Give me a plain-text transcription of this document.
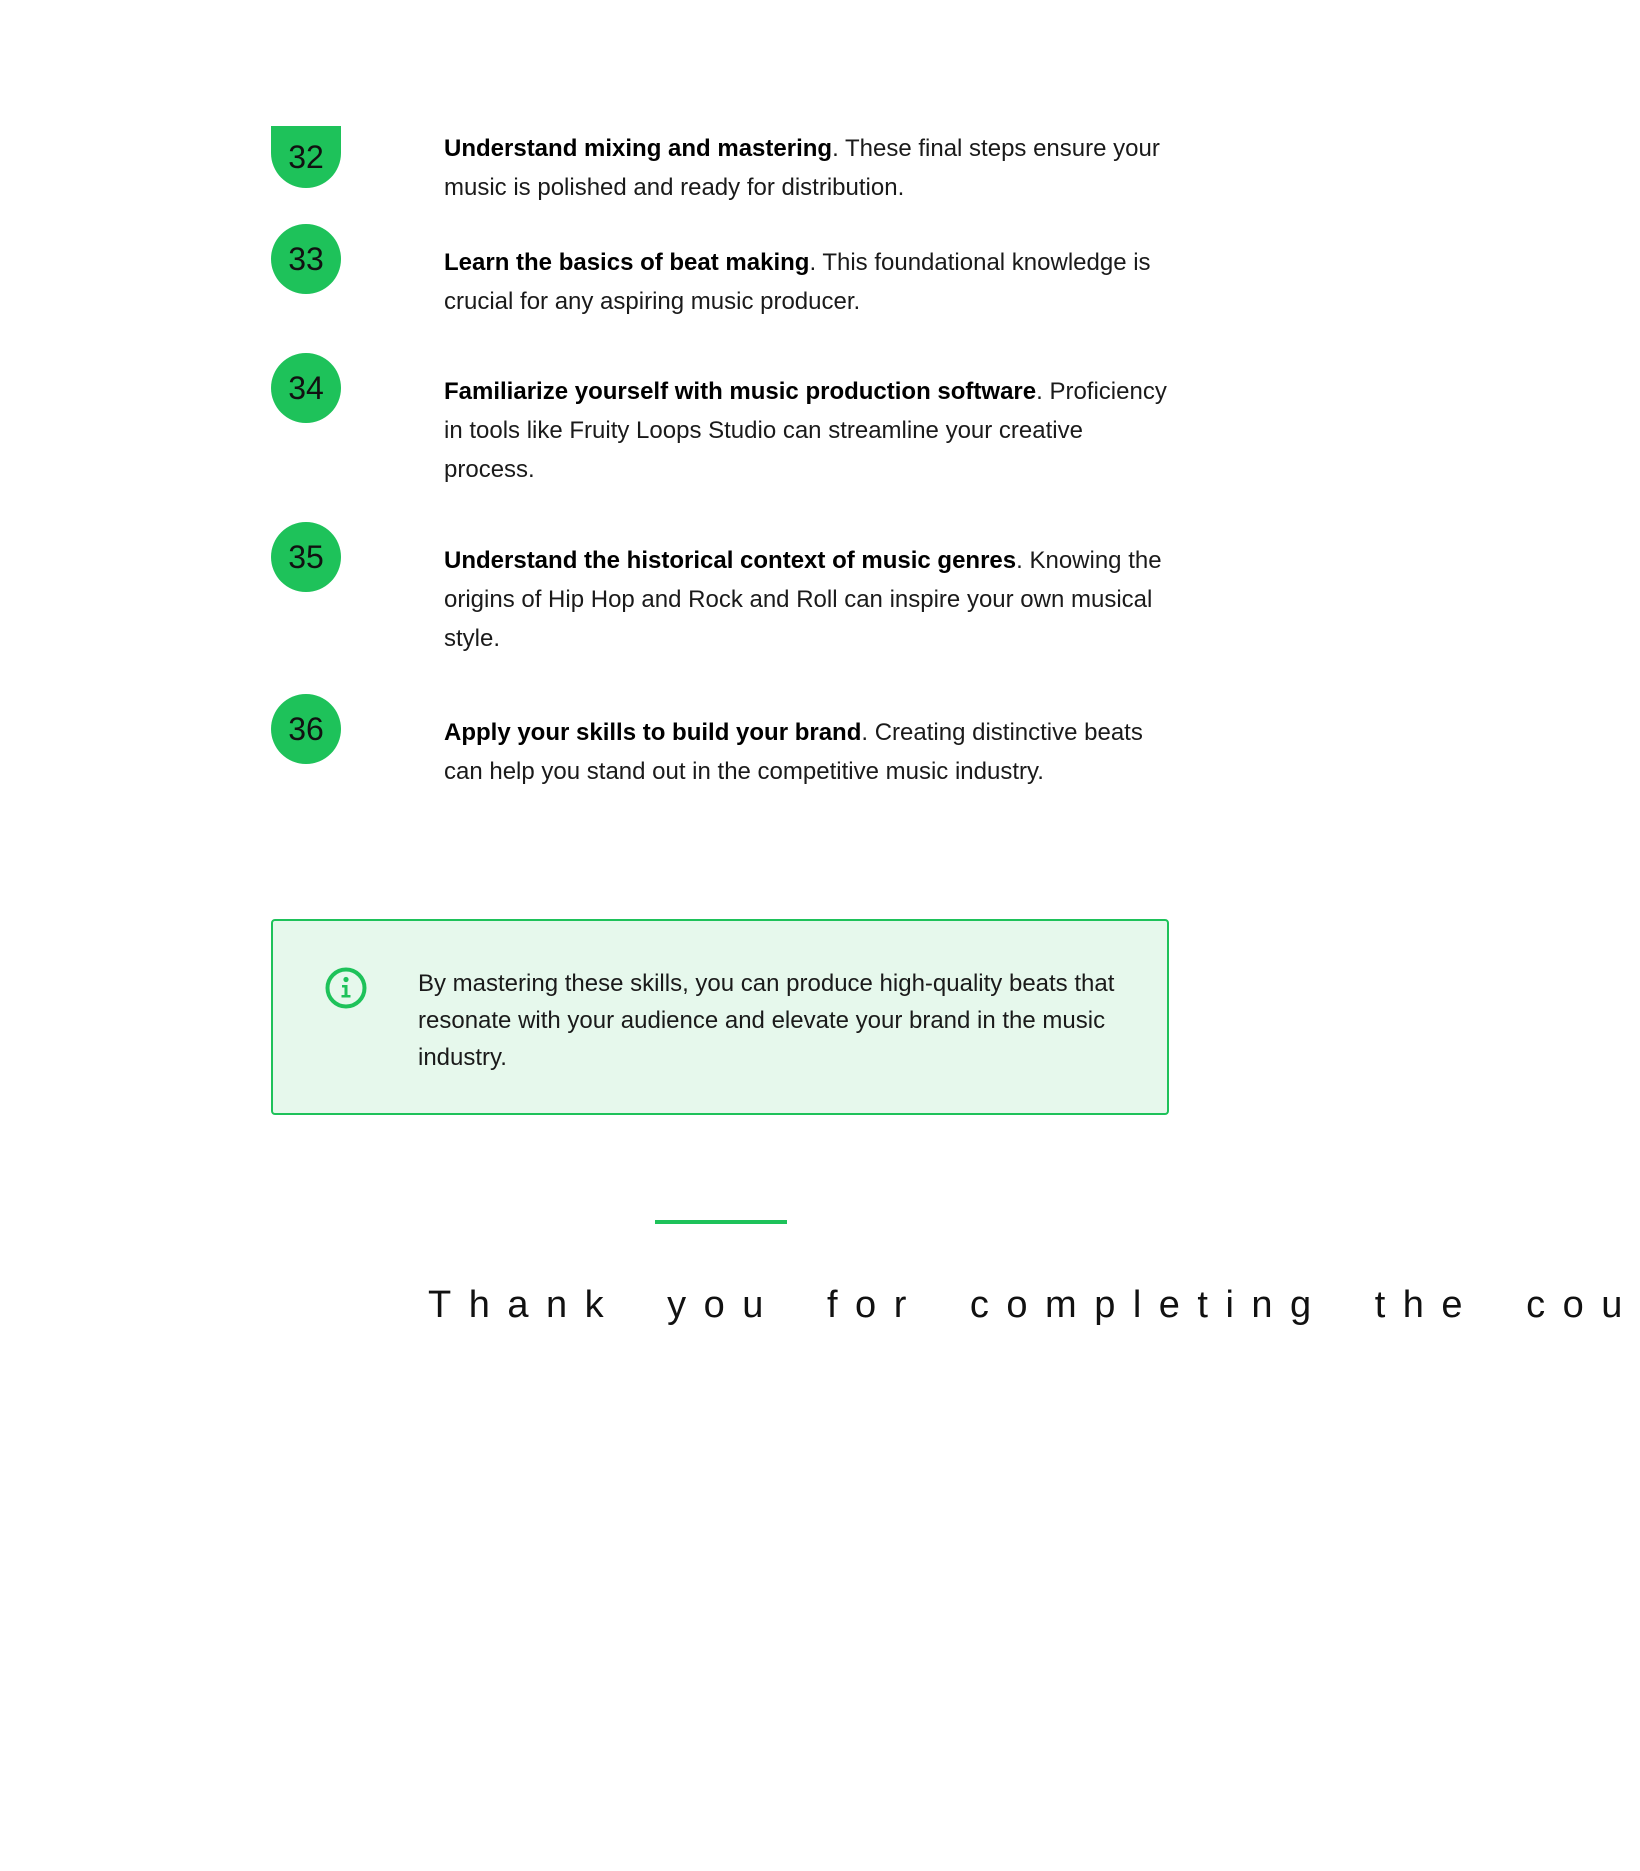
32	Understand mixing and mastering. These final steps ensure your music is polished and ready for distribution.

33	Learn the basics of beat making. This foundational knowledge is crucial for any aspiring music producer.

34	Familiarize yourself with music production software. Proficiency in tools like Fruity Loops Studio can streamline your creative process.

35	Understand the historical context of music genres. Knowing the origins of Hip Hop and Rock and Roll can inspire your own musical style.

36	Apply your skills to build your brand. Creating distinctive beats can help you stand out in the competitive music industry.

By mastering these skills, you can produce high-quality beats that resonate with your audience and elevate your brand in the music industry.

Thank you for completing the cou
